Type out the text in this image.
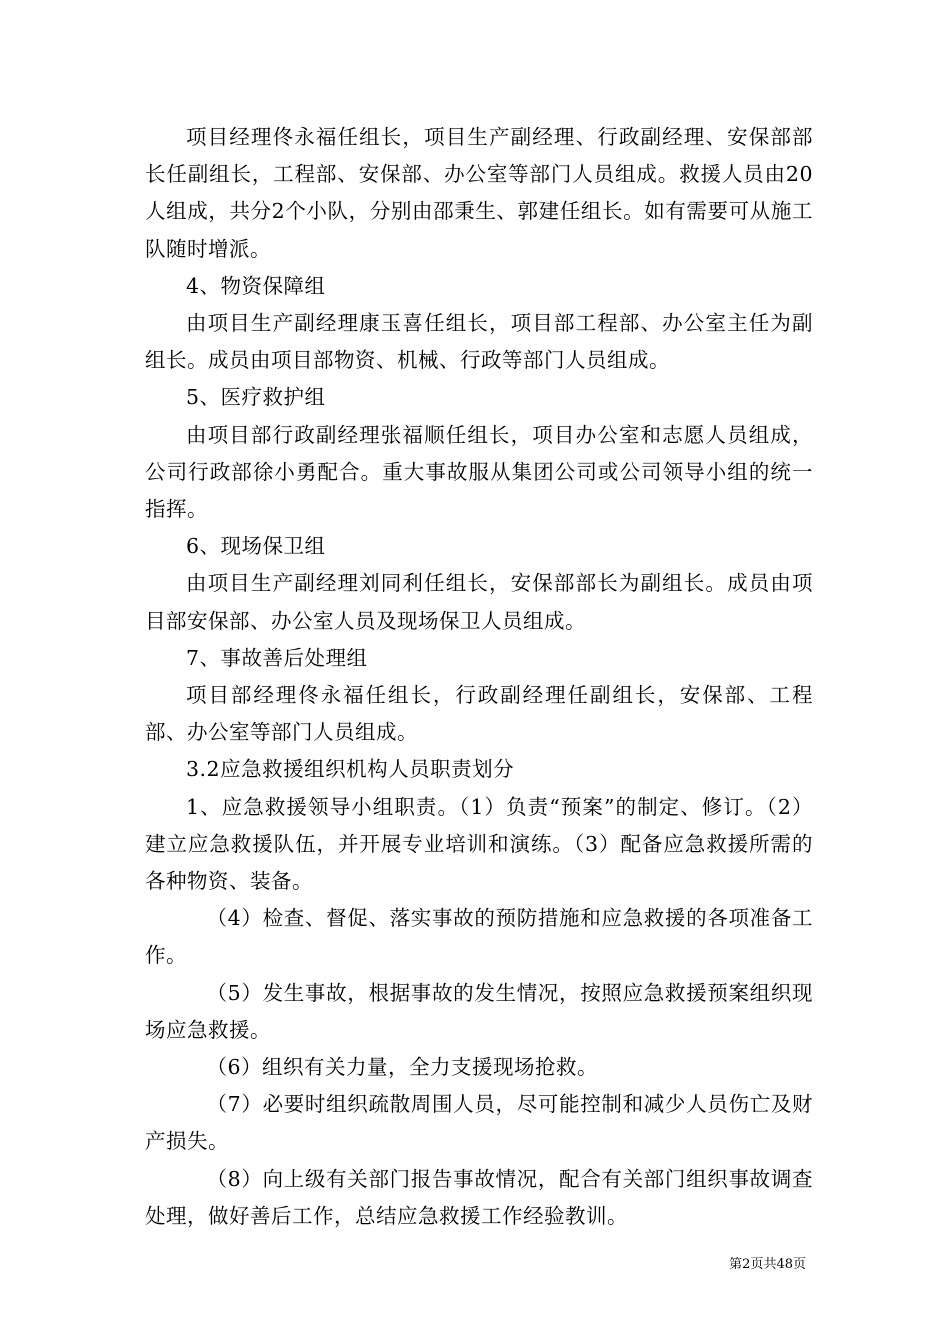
项目经理佟永福任组长，项目生产副经理、行政副经理、安保部部长任副组长，工程部、安保部、办公室等部门人员组成。救援人员由20人组成，共分2个小队，分别由邵秉生、郭建任组长。如有需要可从施工队随时增派。

4、物资保障组

由项目生产副经理康玉喜任组长，项目部工程部、办公室主任为副组长。成员由项目部物资、机械、行政等部门人员组成。

5、医疗救护组

由项目部行政副经理张福顺任组长，项目办公室和志愿人员组成，公司行政部徐小勇配合。重大事故服从集团公司或公司领导小组的统一指挥。

6、现场保卫组

由项目生产副经理刘同利任组长，安保部部长为副组长。成员由项目部安保部、办公室人员及现场保卫人员组成。

7、事故善后处理组

项目部经理佟永福任组长，行政副经理任副组长，安保部、工程部、办公室等部门人员组成。

3.2应急救援组织机构人员职责划分

1、应急救援领导小组职责。（1）负责“预案”的制定、修订。（2）建立应急救援队伍，并开展专业培训和演练。（3）配备应急救援所需的各种物资、装备。

（4）检查、督促、落实事故的预防措施和应急救援的各项准备工作。

（5）发生事故，根据事故的发生情况，按照应急救援预案组织现场应急救援。

（6）组织有关力量，全力支援现场抢救。

（7）必要时组织疏散周围人员，尽可能控制和减少人员伤亡及财产损失。

（8）向上级有关部门报告事故情况，配合有关部门组织事故调查处理，做好善后工作，总结应急救援工作经验教训。

第2页共48页
